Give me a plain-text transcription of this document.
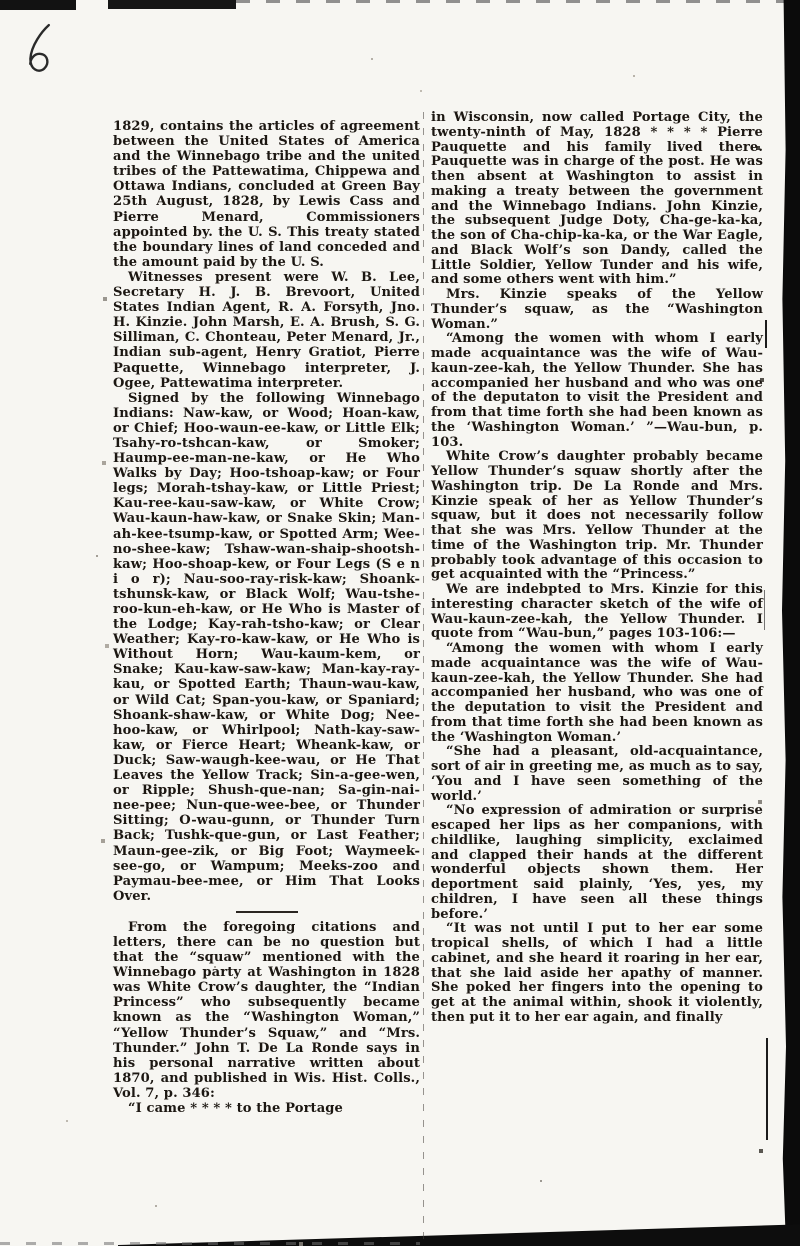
1829, contains the articles of agreement between the United States of America and the Winnebago tribe and the united tribes of the Pattewatima, Chippewa and Ottawa Indians, concluded at Green Bay 25th August, 1828, by Lewis Cass and Pierre Menard, Commissioners appointed by. the U. S. This treaty stated the boundary lines of land conceded and the amount paid by the U. S.

Witnesses present were W. B. Lee, Secretary H. J. B. Brevoort, United States Indian Agent, R. A. Forsyth, Jno. H. Kinzie. John Marsh, E. A. Brush, S. G. Silliman, C. Chonteau, Peter Menard, Jr., Indian sub-agent, Henry Gratiot, Pierre Paquette, Winnebago interpreter, J. Ogee, Pattewatima interpreter.

Signed by the following Winnebago Indians: Naw-kaw, or Wood; Hoan-kaw, or Chief; Hoo-waun-ee-kaw, or Little Elk; Tsahy-ro-tshcan-kaw, or Smoker; Haump-ee-man-ne-kaw, or He Who Walks by Day; Hoo-tshoap-kaw; or Four legs; Morah-tshay-kaw, or Little Priest; Kau-ree-kau-saw-kaw, or White Crow; Wau-kaun-haw-kaw, or Snake Skin; Man-ah-kee-tsump-kaw, or Spotted Arm; Wee-no-shee-kaw; Tshaw-wan-shaip-shootsh-kaw; Hoo-shoap-kew, or Four Legs (S e n i o r); Nau-soo-ray-risk-kaw; Shoank-tshunsk-kaw, or Black Wolf; Wau-tshe-roo-kun-eh-kaw, or He Who is Master of the Lodge; Kay-rah-tsho-kaw; or Clear Weather; Kay-ro-kaw-kaw, or He Who is Without Horn; Wau-kaum-kem, or Snake; Kau-kaw-saw-kaw; Man-kay-ray-kau, or Spotted Earth; Thaun-wau-kaw, or Wild Cat; Span-you-kaw, or Spaniard; Shoank-shaw-kaw, or White Dog; Nee-hoo-kaw, or Whirlpool; Nath-kay-saw-kaw, or Fierce Heart; Wheank-kaw, or Duck; Saw-waugh-kee-wau, or He That Leaves the Yellow Track; Sin-a-gee-wen, or Ripple; Shush-que-nan; Sa-gin-nai-nee-pee; Nun-que-wee-bee, or Thunder Sitting; O-wau-gunn, or Thunder Turn Back; Tushk-que-gun, or Last Feather; Maun-gee-zik, or Big Foot; Waymeek-see-go, or Wampum; Meeks-zoo and Paymau-bee-mee, or Him That Looks Over.

From the foregoing citations and letters, there can be no question but that the “squaw” mentioned with the Winnebago party at Washington in 1828 was White Crow’s daughter, the “Indian Princess” who subsequently became known as the “Washington Woman,” “Yellow Thunder’s Squaw,” and “Mrs. Thunder.” John T. De La Ronde says in his personal narrative written about 1870, and published in Wis. Hist. Colls., Vol. 7, p. 346:

“I came * * * * to the Portage

in Wisconsin, now called Portage City, the twenty-ninth of May, 1828 * * * * Pierre Pauquette and his family lived there. Pauquette was in charge of the post. He was then absent at Washington to assist in making a treaty between the government and the Winnebago Indians. John Kinzie, the subsequent Judge Doty, Cha-ge-ka-ka, the son of Cha-chip-ka-ka, or the War Eagle, and Black Wolf’s son Dandy, called the Little Soldier, Yellow Tunder and his wife, and some others went with him.”

Mrs. Kinzie speaks of the Yellow Thunder’s squaw, as the “Washington Woman.”

“Among the women with whom I early made acquaintance was the wife of Wau-kaun-zee-kah, the Yellow Thunder. She has accompanied her husband and who was one of the deputaton to visit the President and from that time forth she had been known as the ‘Washington Woman.’ ”—Wau-bun, p. 103.

White Crow’s daughter probably became Yellow Thunder’s squaw shortly after the Washington trip. De La Ronde and Mrs. Kinzie speak of her as Yellow Thunder’s squaw, but it does not necessarily follow that she was Mrs. Yellow Thunder at the time of the Washington trip. Mr. Thunder probably took advantage of this occasion to get acquainted with the “Princess.”

We are indebpted to Mrs. Kinzie for this interesting character sketch of the wife of Wau-kaun-zee-kah, the Yellow Thunder. I quote from “Wau-bun,” pages 103-106:—

“Among the women with whom I early made acquaintance was the wife of Wau-kaun-zee-kah, the Yellow Thunder. She had accompanied her husband, who was one of the deputation to visit the President and from that time forth she had been known as the ‘Washington Woman.’

“She had a pleasant, old-acquaintance, sort of air in greeting me, as much as to say, ‘You and I have seen something of the world.’

“No expression of admiration or surprise escaped her lips as her companions, with childlike, laughing simplicity, exclaimed and clapped their hands at the different wonderful objects shown them. Her deportment said plainly, ‘Yes, yes, my children, I have seen all these things before.’

“It was not until I put to her ear some tropical shells, of which I had a little cabinet, and she heard it roaring in her ear, that she laid aside her apathy of manner. She poked her fingers into the opening to get at the animal within, shook it violently, then put it to her ear again, and finally
